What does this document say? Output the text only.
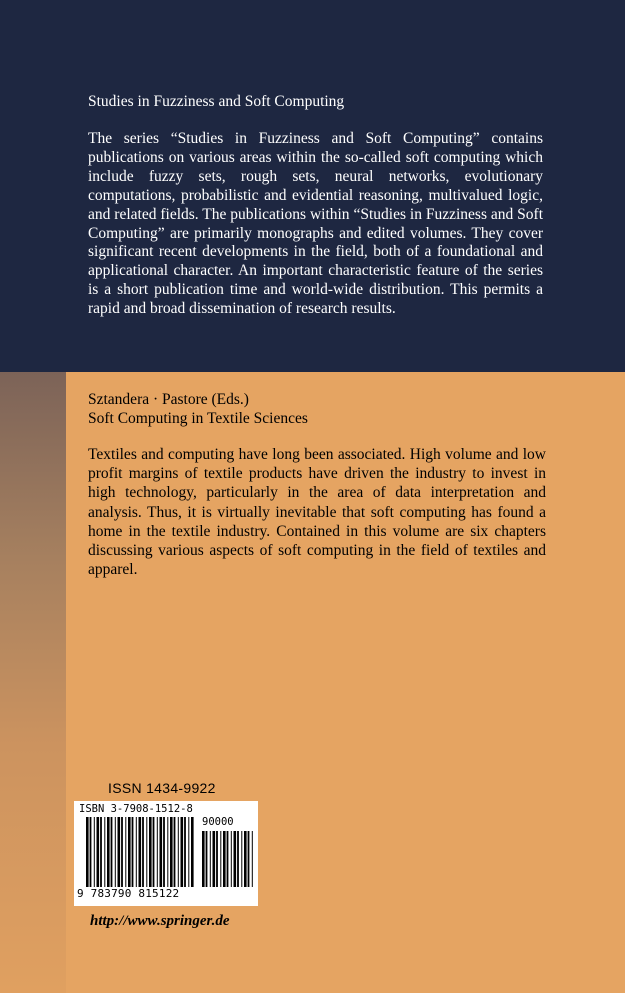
Studies in Fuzziness and Soft Computing

The series “Studies in Fuzziness and Soft Computing” contains publications on various areas within the so-called soft computing which include fuzzy sets, rough sets, neural networks, evolutionary computations, probabilistic and evidential reasoning, multivalued logic, and related fields. The publications within “Studies in Fuzziness and Soft Computing” are primarily monographs and edited volumes. They cover significant recent developments in the field, both of a foundational and applicational character. An important characteristic feature of the series is a short publication time and world-wide distribution. This permits a rapid and broad dissemination of research results.

Sztandera · Pastore (Eds.)
Soft Computing in Textile Sciences

Textiles and computing have long been associated. High volume and low profit margins of textile products have driven the industry to invest in high technology, particularly in the area of data interpretation and analysis. Thus, it is virtually inevitable that soft computing has found a home in the textile industry. Contained in this volume are six chapters discussing various aspects of soft computing in the field of textiles and apparel.

ISSN 1434-9922
ISBN 3-7908-1512-8
90000
9 783790 815122
http://www.springer.de
